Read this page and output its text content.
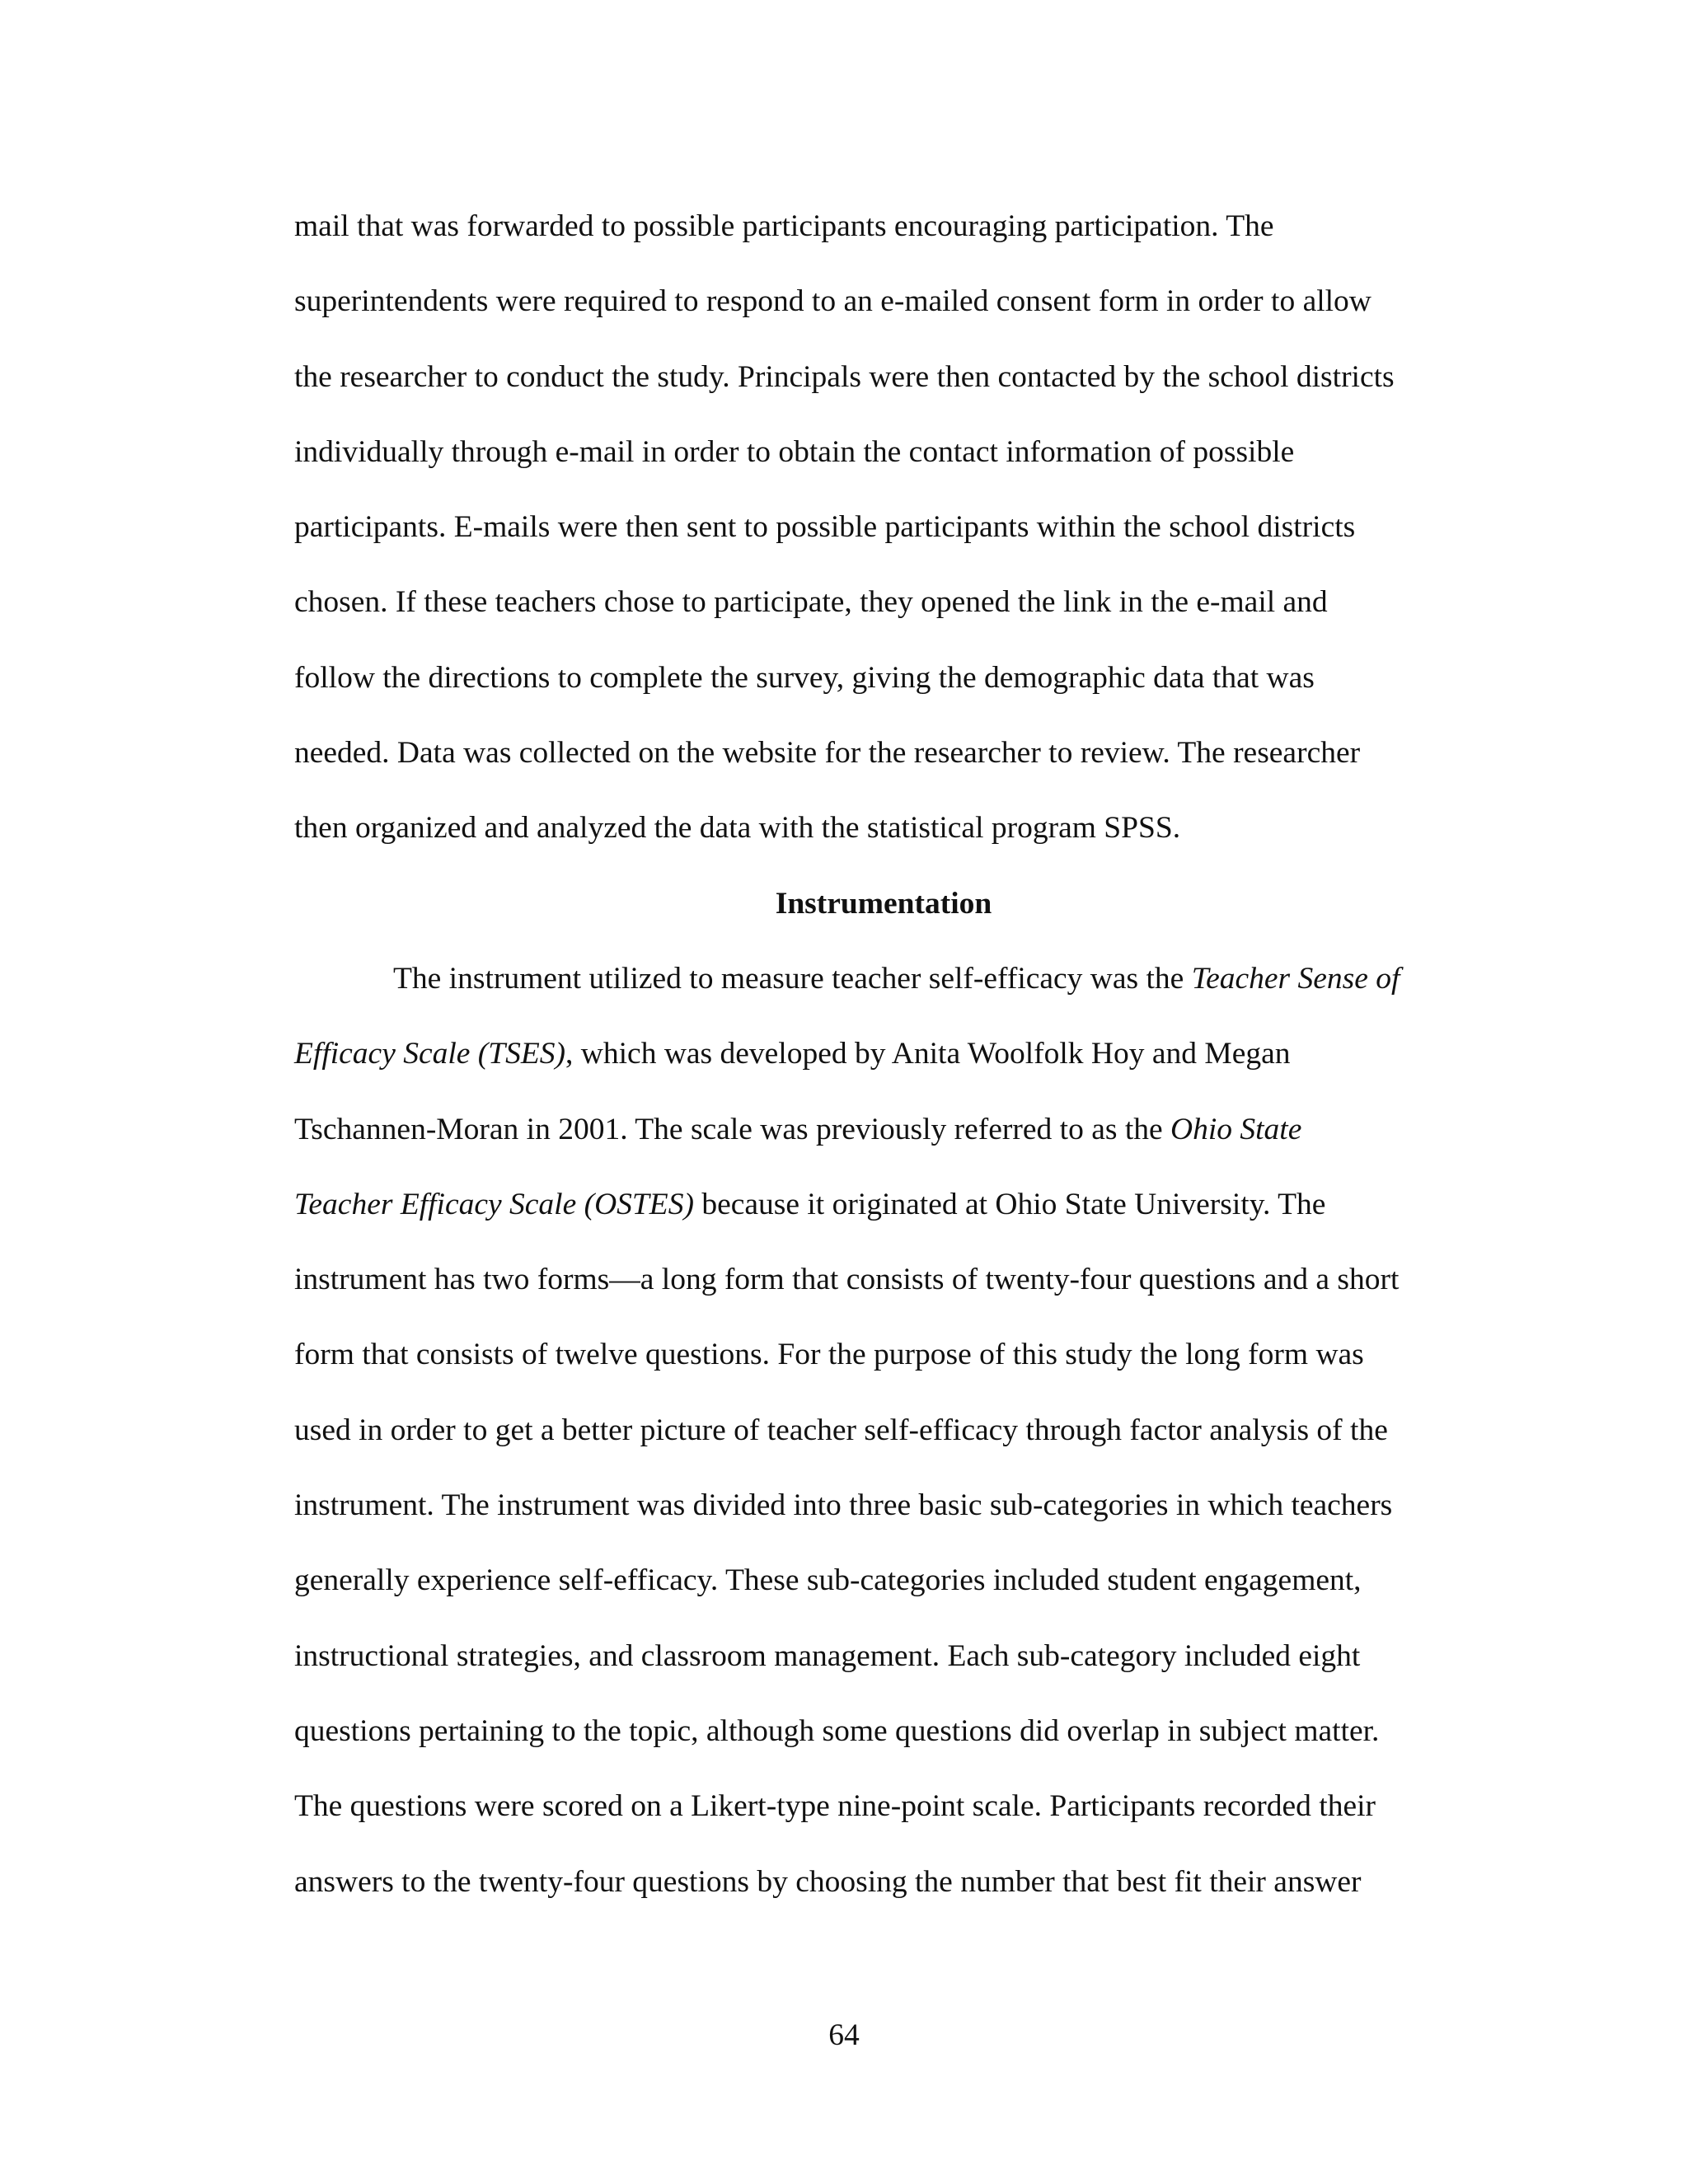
mail that was forwarded to possible participants encouraging participation. The
superintendents were required to respond to an e-mailed consent form in order to allow
the researcher to conduct the study. Principals were then contacted by the school districts
individually through e-mail in order to obtain the contact information of possible
participants. E-mails were then sent to possible participants within the school districts
chosen. If these teachers chose to participate, they opened the link in the e-mail and
follow the directions to complete the survey, giving the demographic data that was
needed. Data was collected on the website for the researcher to review. The researcher
then organized and analyzed the data with the statistical program SPSS.
Instrumentation
The instrument utilized to measure teacher self-efficacy was the Teacher Sense of
Efficacy Scale (TSES), which was developed by Anita Woolfolk Hoy and Megan
Tschannen-Moran in 2001. The scale was previously referred to as the Ohio State
Teacher Efficacy Scale (OSTES) because it originated at Ohio State University. The
instrument has two forms—a long form that consists of twenty-four questions and a short
form that consists of twelve questions. For the purpose of this study the long form was
used in order to get a better picture of teacher self-efficacy through factor analysis of the
instrument. The instrument was divided into three basic sub-categories in which teachers
generally experience self-efficacy. These sub-categories included student engagement,
instructional strategies, and classroom management. Each sub-category included eight
questions pertaining to the topic, although some questions did overlap in subject matter.
The questions were scored on a Likert-type nine-point scale. Participants recorded their
answers to the twenty-four questions by choosing the number that best fit their answer
64
